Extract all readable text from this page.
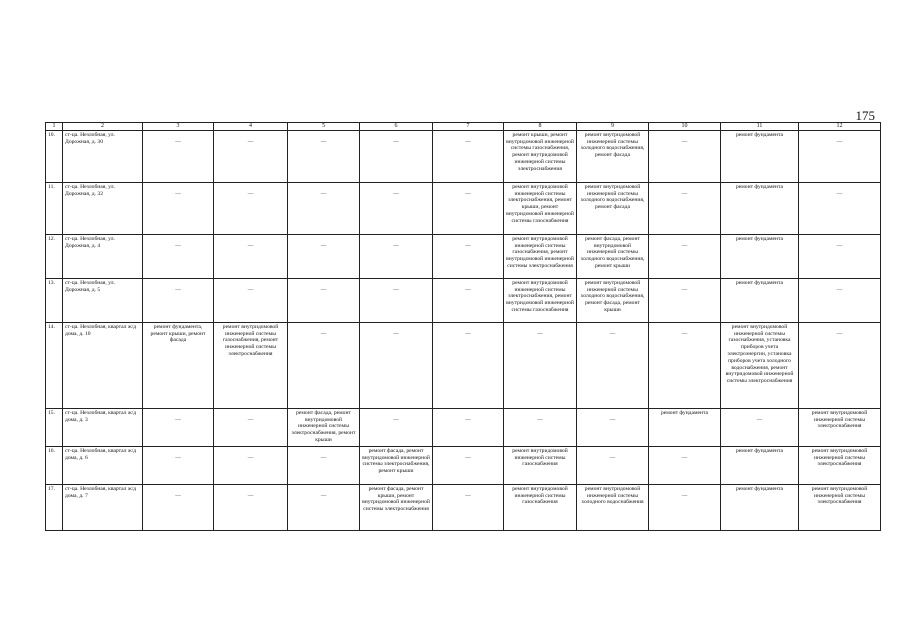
175
1	2	3	4	5	6	7	8	9	10	11	12
10.	ст-ца. Незлобная, ул. Дорожная, д. 30	—	—	—	—	—	ремонт крыши, ремонт внутридомовой инженерной системы газоснабжения, ремонт внутридомовой инженерной системы электроснабжения	ремонт внутридомовой инженерной системы холодного водоснабжения, ремонт фасада	—	ремонт фундамента	—
11.	ст-ца. Незлобная, ул. Дорожная, д. 32	—	—	—	—	—	ремонт внутридомовой инженерной системы электроснабжения, ремонт крыши, ремонт внутридомовой инженерной системы газоснабжения	ремонт внутридомовой инженерной системы холодного водоснабжения, ремонт фасада	—	ремонт фундамента	—
12.	ст-ца. Незлобная, ул. Дорожная, д. 4	—	—	—	—	—	ремонт внутридомовой инженерной системы газоснабжения, ремонт внутридомовой инженерной системы электроснабжения	ремонт фасада, ремонт внутридомовой инженерной системы холодного водоснабжения, ремонт крыши	—	ремонт фундамента	—
13.	ст-ца. Незлобная, ул. Дорожная, д. 5	—	—	—	—	—	ремонт внутридомовой инженерной системы электроснабжения, ремонт внутридомовой инженерной системы газоснабжения	ремонт внутридомовой инженерной системы холодного водоснабжения, ремонт фасада, ремонт крыши	—	ремонт фундамента	—
14.	ст-ца. Незлобная, квартал ж/д дома, д. 10	ремонт фундамента, ремонт крыши, ремонт фасада	ремонт внутридомовой инженерной системы газоснабжения, ремонт инженерной системы электроснабжения	—	—	—	—	—	—	ремонт внутридомовой инженерной системы газоснабжения, установка приборов учета электроэнергии, установка приборов учета холодного водоснабжения, ремонт внутридомовой инженерной системы электроснабжения	—
15.	ст-ца. Незлобная, квартал ж/д дома, д. 3	—	—	ремонт фасада, ремонт внутридомовой инженерной системы электроснабжения, ремонт крыши	—	—	—	—	ремонт фундамента	—	ремонт внутридомовой инженерной системы электроснабжения
16.	ст-ца. Незлобная, квартал ж/д дома, д. 6	—	—	—	ремонт фасада, ремонт внутридомовой инженерной системы электроснабжения, ремонт крыши	—	ремонт внутридомовой инженерной системы газоснабжения	—	—	ремонт фундамента	ремонт внутридомовой инженерной системы электроснабжения
17.	ст-ца. Незлобная, квартал ж/д дома, д. 7	—	—	—	ремонт фасада, ремонт крыши, ремонт внутридомовой инженерной системы электроснабжения	—	ремонт внутридомовой инженерной системы газоснабжения	ремонт внутридомовой инженерной системы холодного водоснабжения	—	ремонт фундамента	ремонт внутридомовой инженерной системы электроснабжения
